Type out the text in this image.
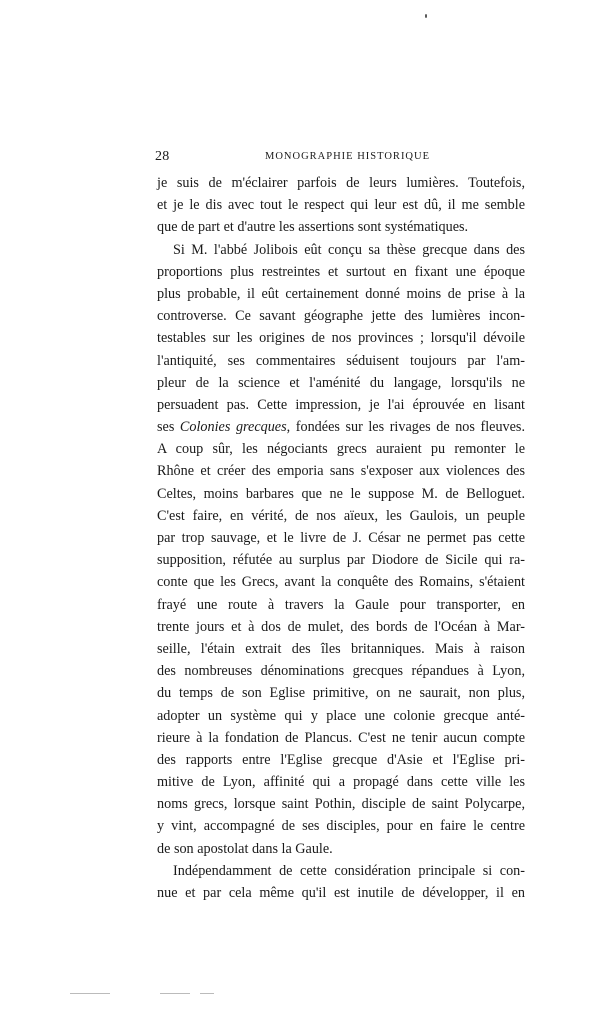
28	MONOGRAPHIE HISTORIQUE
je suis de m'éclairer parfois de leurs lumières. Toutefois,
et je le dis avec tout le respect qui leur est dû, il me semble
que de part et d'autre les assertions sont systématiques.
Si M. l'abbé Jolibois eût conçu sa thèse grecque dans des
proportions plus restreintes et surtout en fixant une époque
plus probable, il eût certainement donné moins de prise à la
controverse. Ce savant géographe jette des lumières incon-
testables sur les origines de nos provinces ; lorsqu'il dévoile
l'antiquité, ses commentaires séduisent toujours par l'am-
pleur de la science et l'aménité du langage, lorsqu'ils ne
persuadent pas. Cette impression, je l'ai éprouvée en lisant
ses Colonies grecques, fondées sur les rivages de nos fleuves.
A coup sûr, les négociants grecs auraient pu remonter le
Rhône et créer des emporia sans s'exposer aux violences des
Celtes, moins barbares que ne le suppose M. de Belloguet.
C'est faire, en vérité, de nos aïeux, les Gaulois, un peuple
par trop sauvage, et le livre de J. César ne permet pas cette
supposition, réfutée au surplus par Diodore de Sicile qui ra-
conte que les Grecs, avant la conquête des Romains, s'étaient
frayé une route à travers la Gaule pour transporter, en
trente jours et à dos de mulet, des bords de l'Océan à Mar-
seille, l'étain extrait des îles britanniques. Mais à raison
des nombreuses dénominations grecques répandues à Lyon,
du temps de son Eglise primitive, on ne saurait, non plus,
adopter un système qui y place une colonie grecque anté-
rieure à la fondation de Plancus. C'est ne tenir aucun compte
des rapports entre l'Eglise grecque d'Asie et l'Eglise pri-
mitive de Lyon, affinité qui a propagé dans cette ville les
noms grecs, lorsque saint Pothin, disciple de saint Polycarpe,
y vint, accompagné de ses disciples, pour en faire le centre
de son apostolat dans la Gaule.
Indépendamment de cette considération principale si con-
nue et par cela même qu'il est inutile de développer, il en
